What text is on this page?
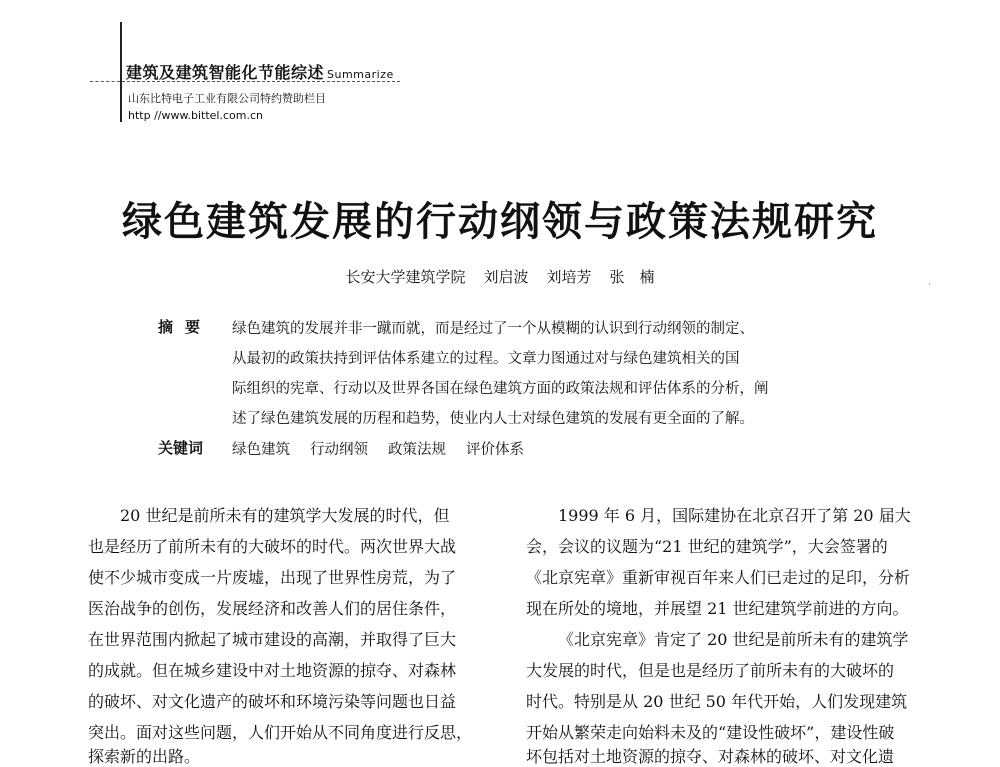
建筑及建筑智能化节能综述 Summarize
山东比特电子工业有限公司特约赞助栏目
http //www.bittel.com.cn
绿色建筑发展的行动纲领与政策法规研究
长安大学建筑学院 刘启波 刘培芳 张　楠	·
摘要 绿色建筑的发展并非一蹴而就，而是经过了一个从模糊的认识到行动纲领的制定、
从最初的政策扶持到评估体系建立的过程。文章力图通过对与绿色建筑相关的国
际组织的宪章、行动以及世界各国在绿色建筑方面的政策法规和评估体系的分析，阐
述了绿色建筑发展的历程和趋势，使业内人士对绿色建筑的发展有更全面的了解。
关键词 绿色建筑 行动纲领 政策法规 评价体系
20 世纪是前所未有的建筑学大发展的时代，但
也是经历了前所未有的大破坏的时代。两次世界大战
使不少城市变成一片废墟，出现了世界性房荒，为了
医治战争的创伤，发展经济和改善人们的居住条件，
在世界范围内掀起了城市建设的高潮，并取得了巨大
的成就。但在城乡建设中对土地资源的掠夺、对森林
的破坏、对文化遗产的破坏和环境污染等问题也日益
突出。面对这些问题，人们开始从不同角度进行反思，
探索新的出路。
1999 年 6 月，国际建协在北京召开了第 20 届大
会，会议的议题为“21 世纪的建筑学”，大会签署的
《北京宪章》重新审视百年来人们已走过的足印，分析
现在所处的境地，并展望 21 世纪建筑学前进的方向。
《北京宪章》肯定了 20 世纪是前所未有的建筑学
大发展的时代，但是也是经历了前所未有的大破坏的
时代。特别是从 20 世纪 50 年代开始，人们发现建筑
开始从繁荣走向始料未及的“建设性破坏”，建设性破
坏包括对土地资源的掠夺、对森林的破坏、对文化遗
